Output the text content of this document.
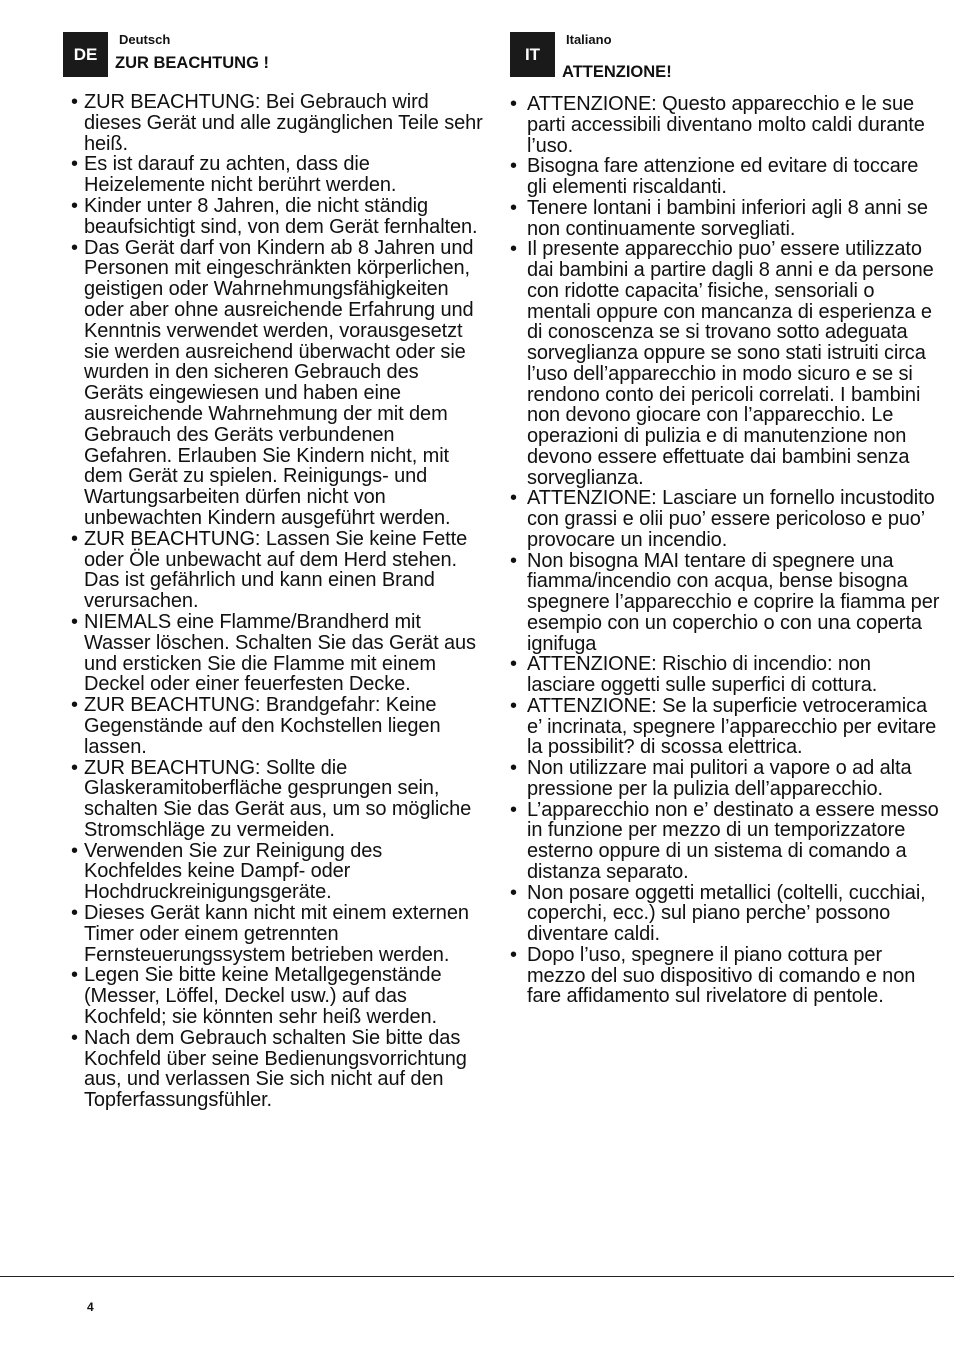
DE
Deutsch
ZUR BEACHTUNG !
• ZUR BEACHTUNG: Bei Gebrauch wird dieses Gerät und alle zugänglichen Teile sehr heiß.
• Es ist darauf zu achten, dass die Heizelemente nicht berührt werden.
• Kinder unter 8 Jahren, die nicht ständig beaufsichtigt sind, von dem Gerät fernhalten.
• Das Gerät darf von Kindern ab 8 Jahren und Personen mit eingeschränkten körperlichen, geistigen oder Wahrnehmungsfähigkeiten oder aber ohne ausreichende Erfahrung und Kenntnis verwendet werden, vorausgesetzt sie werden ausreichend überwacht oder sie wurden in den sicheren Gebrauch des Geräts eingewiesen und haben eine ausreichende Wahrnehmung der mit dem Gebrauch des Geräts verbundenen Gefahren. Erlauben Sie Kindern nicht, mit dem Gerät zu spielen. Reinigungs- und Wartungsarbeiten dürfen nicht von unbewachten Kindern ausgeführt werden.
• ZUR BEACHTUNG: Lassen Sie keine Fette oder Öle unbewacht auf dem Herd stehen. Das ist gefährlich und kann einen Brand verursachen.
• NIEMALS eine Flamme/Brandherd mit Wasser löschen. Schalten Sie das Gerät aus und ersticken Sie die Flamme mit einem Deckel oder einer feuerfesten Decke.
• ZUR BEACHTUNG: Brandgefahr: Keine Gegenstände auf den Kochstellen liegen lassen.
• ZUR BEACHTUNG: Sollte die Glaskeramitoberfläche gesprungen sein, schalten Sie das Gerät aus, um so mögliche Stromschläge zu vermeiden.
• Verwenden Sie zur Reinigung des Kochfeldes keine Dampf- oder Hochdruckreinigungsgeräte.
• Dieses Gerät kann nicht mit einem externen Timer oder einem getrennten Fernsteuerungssystem betrieben werden.
• Legen Sie bitte keine Metallgegenstände (Messer, Löffel, Deckel usw.) auf das Kochfeld; sie könnten sehr heiß werden.
• Nach dem Gebrauch schalten Sie bitte das Kochfeld über seine Bedienungsvorrichtung aus, und verlassen Sie sich nicht auf den Topferfassungsfühler.
IT
Italiano
ATTENZIONE!
• ATTENZIONE: Questo apparecchio e le sue parti accessibili diventano molto caldi durante l’uso.
• Bisogna fare attenzione ed evitare di toccare gli elementi riscaldanti.
• Tenere lontani i bambini inferiori agli 8 anni se non continuamente sorvegliati.
• Il presente apparecchio puo’ essere utilizzato dai bambini a partire dagli 8 anni e da persone con ridotte capacita’ fisiche, sensoriali o mentali oppure con mancanza di esperienza e di conoscenza se si trovano sotto adeguata sorveglianza oppure se sono stati istruiti circa l’uso dell’apparecchio in modo sicuro e se si rendono conto dei pericoli correlati. I bambini non devono giocare con l’apparecchio. Le operazioni di pulizia e di manutenzione non devono essere effettuate dai bambini senza sorveglianza.
• ATTENZIONE: Lasciare un fornello incustodito con grassi e olii puo’ essere pericoloso e puo’ provocare un incendio.
• Non bisogna MAI tentare di spegnere una fiamma/incendio con acqua, bense bisogna spegnere l’apparecchio e coprire la fiamma per esempio con un coperchio o con una coperta ignifuga
• ATTENZIONE: Rischio di incendio: non lasciare oggetti sulle superfici di cottura.
• ATTENZIONE: Se la superficie vetroceramica e’ incrinata, spegnere l’apparecchio per evitare la possibilit? di scossa elettrica.
• Non utilizzare mai pulitori a vapore o ad alta pressione per la pulizia dell’apparecchio.
• L’apparecchio non e’ destinato a essere messo in funzione per mezzo di un temporizzatore esterno oppure di un sistema di comando a distanza separato.
• Non posare oggetti metallici (coltelli, cucchiai, coperchi, ecc.) sul piano perche’ possono diventare caldi.
• Dopo l’uso, spegnere il piano cottura per mezzo del suo dispositivo di comando e non fare affidamento sul rivelatore di pentole.
4
